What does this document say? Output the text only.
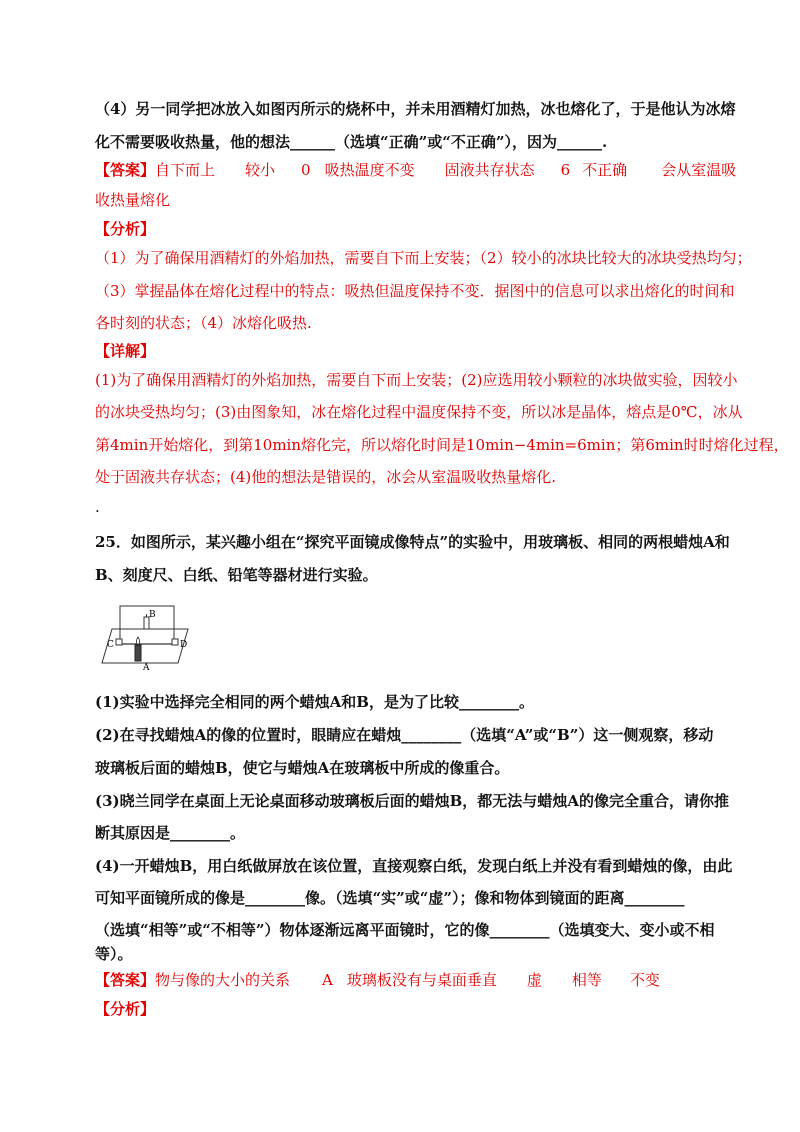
（4）另一同学把冰放入如图丙所示的烧杯中，并未用酒精灯加热，冰也熔化了，于是他认为冰熔
化不需要吸收热量，他的想法______（选填“正确”或“不正确”），因为______.
【答案】自下而上 较小 0 吸热温度不变 固液共存状态 6 不正确 会从室温吸
收热量熔化
【分析】
（1）为了确保用酒精灯的外焰加热，需要自下而上安装；（2）较小的冰块比较大的冰块受热均匀；
（3）掌握晶体在熔化过程中的特点：吸热但温度保持不变．据图中的信息可以求出熔化的时间和
各时刻的状态；（4）冰熔化吸热.
【详解】
(1)为了确保用酒精灯的外焰加热，需要自下而上安装；(2)应选用较小颗粒的冰块做实验，因较小
的冰块受热均匀；(3)由图象知，冰在熔化过程中温度保持不变，所以冰是晶体，熔点是0℃，冰从
第4min开始熔化，到第10min熔化完，所以熔化时间是10min−4min=6min；第6min时时熔化过程，
处于固液共存状态；(4)他的想法是错误的，冰会从室温吸收热量熔化.
.
25．如图所示，某兴趣小组在“探究平面镜成像特点”的实验中，用玻璃板、相同的两根蜡烛A和
B、刻度尺、白纸、铅笔等器材进行实验。
C	D
B
A
(1)实验中选择完全相同的两个蜡烛A和B，是为了比较________。
(2)在寻找蜡烛A的像的位置时，眼睛应在蜡烛________（选填“A”或“B”）这一侧观察，移动
玻璃板后面的蜡烛B，使它与蜡烛A在玻璃板中所成的像重合。
(3)晓兰同学在桌面上无论桌面移动玻璃板后面的蜡烛B，都无法与蜡烛A的像完全重合，请你推
断其原因是________。
(4)一开蜡烛B，用白纸做屏放在该位置，直接观察白纸，发现白纸上并没有看到蜡烛的像，由此
可知平面镜所成的像是________像。（选填“实”或“虚”）；像和物体到镜面的距离________
（选填“相等”或“不相等”）物体逐渐远离平面镜时，它的像________（选填变大、变小或不相
等）。
【答案】物与像的大小的关系 A 玻璃板没有与桌面垂直 虚 相等 不变
【分析】
